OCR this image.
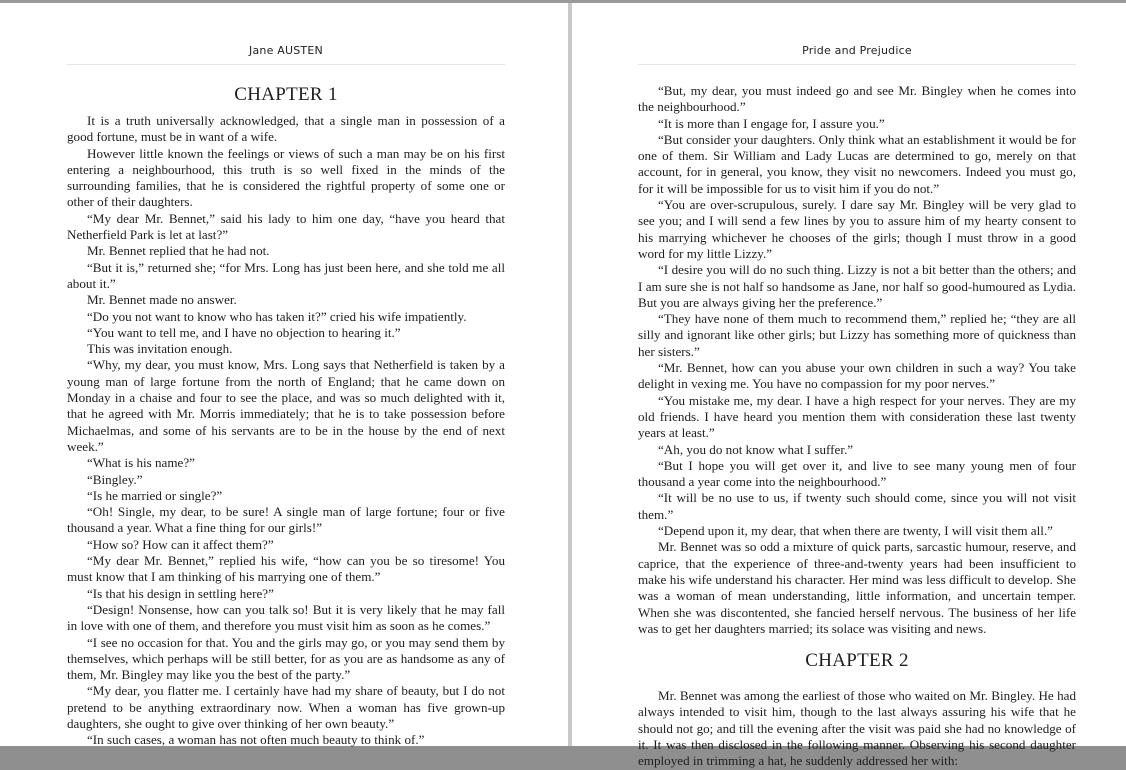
Jane AUSTEN
CHAPTER 1

It is a truth universally acknowledged, that a single man in possession of a good fortune, must be in want of a wife.

However little known the feelings or views of such a man may be on his first entering a neighbourhood, this truth is so well fixed in the minds of the surrounding families, that he is considered the rightful property of some one or other of their daughters.

“My dear Mr. Bennet,” said his lady to him one day, “have you heard that Netherfield Park is let at last?”

Mr. Bennet replied that he had not.

“But it is,” returned she; “for Mrs. Long has just been here, and she told me all about it.”

Mr. Bennet made no answer.

“Do you not want to know who has taken it?” cried his wife impatiently.

“You want to tell me, and I have no objection to hearing it.”

This was invitation enough.

“Why, my dear, you must know, Mrs. Long says that Netherfield is taken by a young man of large fortune from the north of England; that he came down on Monday in a chaise and four to see the place, and was so much delighted with it, that he agreed with Mr. Morris immediately; that he is to take possession before Michaelmas, and some of his servants are to be in the house by the end of next week.”

“What is his name?”

“Bingley.”

“Is he married or single?”

“Oh! Single, my dear, to be sure! A single man of large fortune; four or five thousand a year. What a fine thing for our girls!”

“How so? How can it affect them?”

“My dear Mr. Bennet,” replied his wife, “how can you be so tiresome! You must know that I am thinking of his marrying one of them.”

“Is that his design in settling here?”

“Design! Nonsense, how can you talk so! But it is very likely that he may fall in love with one of them, and therefore you must visit him as soon as he comes.”

“I see no occasion for that. You and the girls may go, or you may send them by themselves, which perhaps will be still better, for as you are as handsome as any of them, Mr. Bingley may like you the best of the party.”

“My dear, you flatter me. I certainly have had my share of beauty, but I do not pretend to be anything extraordinary now. When a woman has five grown-up daughters, she ought to give over thinking of her own beauty.”

“In such cases, a woman has not often much beauty to think of.”

Pride and Prejudice

“But, my dear, you must indeed go and see Mr. Bingley when he comes into the neighbourhood.”

“It is more than I engage for, I assure you.”

“But consider your daughters. Only think what an establishment it would be for one of them. Sir William and Lady Lucas are determined to go, merely on that account, for in general, you know, they visit no newcomers. Indeed you must go, for it will be impossible for us to visit him if you do not.”

“You are over-scrupulous, surely. I dare say Mr. Bingley will be very glad to see you; and I will send a few lines by you to assure him of my hearty consent to his marrying whichever he chooses of the girls; though I must throw in a good word for my little Lizzy.”

“I desire you will do no such thing. Lizzy is not a bit better than the others; and I am sure she is not half so handsome as Jane, nor half so good-humoured as Lydia. But you are always giving her the preference.”

“They have none of them much to recommend them,” replied he; “they are all silly and ignorant like other girls; but Lizzy has something more of quickness than her sisters.”

“Mr. Bennet, how can you abuse your own children in such a way? You take delight in vexing me. You have no compassion for my poor nerves.”

“You mistake me, my dear. I have a high respect for your nerves. They are my old friends. I have heard you mention them with consideration these last twenty years at least.”

“Ah, you do not know what I suffer.”

“But I hope you will get over it, and live to see many young men of four thousand a year come into the neighbourhood.”

“It will be no use to us, if twenty such should come, since you will not visit them.”

“Depend upon it, my dear, that when there are twenty, I will visit them all.”

Mr. Bennet was so odd a mixture of quick parts, sarcastic humour, reserve, and caprice, that the experience of three-and-twenty years had been insufficient to make his wife understand his character. Her mind was less difficult to develop. She was a woman of mean understanding, little information, and uncertain temper. When she was discontented, she fancied herself nervous. The business of her life was to get her daughters married; its solace was visiting and news.

CHAPTER 2

Mr. Bennet was among the earliest of those who waited on Mr. Bingley. He had always intended to visit him, though to the last always assuring his wife that he should not go; and till the evening after the visit was paid she had no knowledge of it. It was then disclosed in the following manner. Observing his second daughter employed in trimming a hat, he suddenly addressed her with:
